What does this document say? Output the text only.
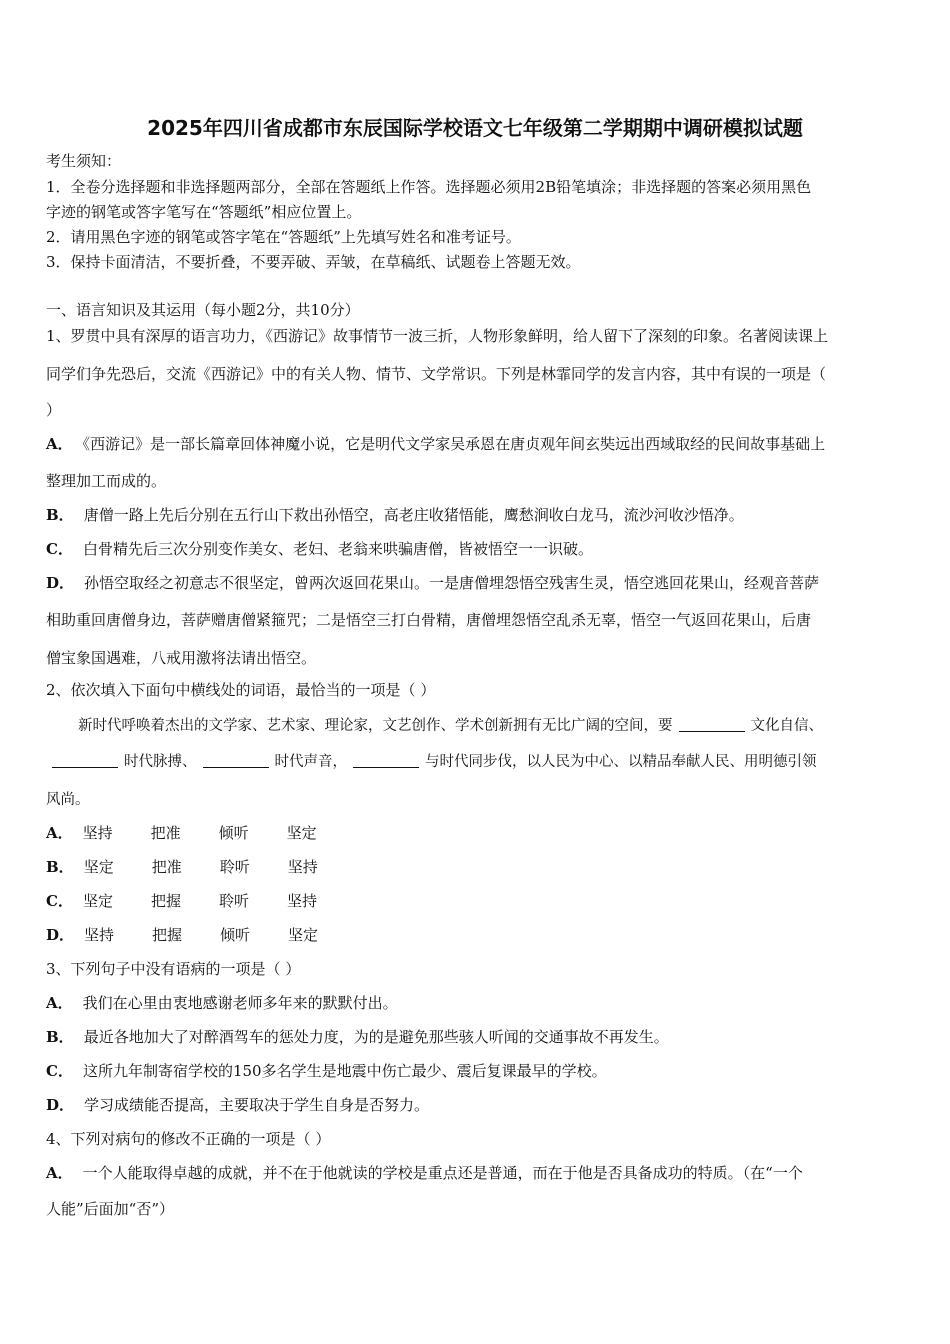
2025年四川省成都市东辰国际学校语文七年级第二学期期中调研模拟试题
考生须知：
1．全卷分选择题和非选择题两部分，全部在答题纸上作答。选择题必须用2B铅笔填涂；非选择题的答案必须用黑色
字迹的钢笔或答字笔写在“答题纸”相应位置上。
2．请用黑色字迹的钢笔或答字笔在“答题纸”上先填写姓名和准考证号。
3．保持卡面清洁，不要折叠，不要弄破、弄皱，在草稿纸、试题卷上答题无效。
一、语言知识及其运用（每小题2分，共10分）
1、罗贯中具有深厚的语言功力，《西游记》故事情节一波三折，人物形象鲜明，给人留下了深刻的印象。名著阅读课上
同学们争先恐后，交流《西游记》中的有关人物、情节、文学常识。下列是林霏同学的发言内容，其中有误的一项是（
）
A． 《西游记》是一部长篇章回体神魔小说，它是明代文学家吴承恩在唐贞观年间玄奘远出西域取经的民间故事基础上
整理加工而成的。
B． 唐僧一路上先后分别在五行山下救出孙悟空，高老庄收猪悟能，鹰愁涧收白龙马，流沙河收沙悟净。
C． 白骨精先后三次分别变作美女、老妇、老翁来哄骗唐僧，皆被悟空一一识破。
D． 孙悟空取经之初意志不很坚定，曾两次返回花果山。一是唐僧埋怨悟空残害生灵，悟空逃回花果山，经观音菩萨
相助重回唐僧身边，菩萨赠唐僧紧箍咒；二是悟空三打白骨精，唐僧埋怨悟空乱杀无辜，悟空一气返回花果山，后唐
僧宝象国遇难，八戒用激将法请出悟空。
2、依次填入下面句中横线处的词语，最恰当的一项是（ ）
新时代呼唤着杰出的文学家、艺术家、理论家，文艺创作、学术创新拥有无比广阔的空间，要	文化自信、
时代脉搏、	时代声音，	与时代同步伐，以人民为中心、以精品奉献人民、用明德引领
风尚。
A． 坚持	把准	倾听	坚定
B． 坚定	把准	聆听	坚持
C． 坚定	把握	聆听	坚持
D． 坚持	把握	倾听	坚定
3、下列句子中没有语病的一项是（ ）
A． 我们在心里由衷地感谢老师多年来的默默付出。
B． 最近各地加大了对醉酒驾车的惩处力度，为的是避免那些骇人听闻的交通事故不再发生。
C． 这所九年制寄宿学校的150多名学生是地震中伤亡最少、震后复课最早的学校。
D． 学习成绩能否提高，主要取决于学生自身是否努力。
4、下列对病句的修改不正确的一项是（ ）
A． 一个人能取得卓越的成就，并不在于他就读的学校是重点还是普通，而在于他是否具备成功的特质。（在“一个
人能”后面加“否”）
